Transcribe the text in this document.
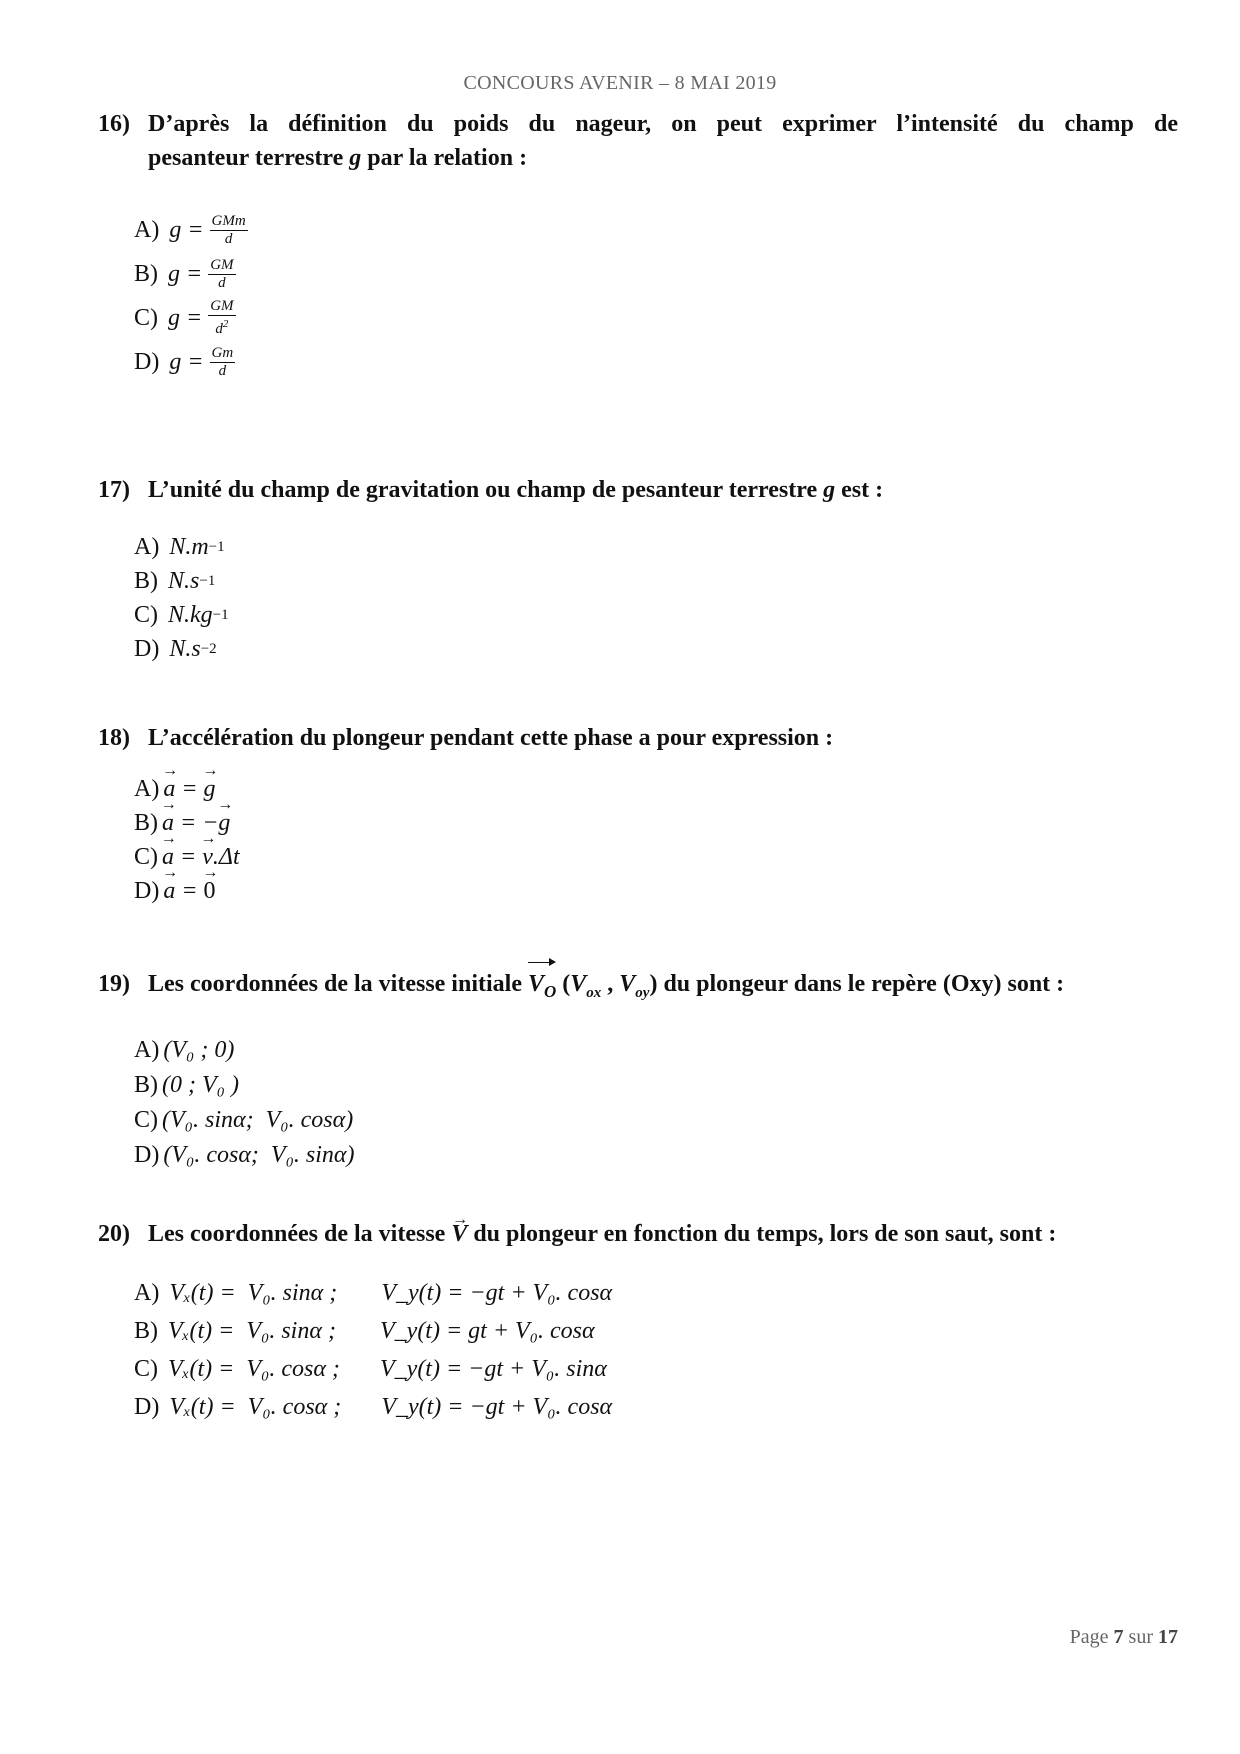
CONCOURS AVENIR – 8 MAI 2019
16) D’après la définition du poids du nageur, on peut exprimer l’intensité du champ de
pesanteur terrestre g par la relation :
A) $g = \frac{\text{GMm}}{d}$
B) $g = \frac{GM}{d}$
C) $g = \frac{GM}{d^2}$
D) $g = \frac{Gm}{d}$
17) L’unité du champ de gravitation ou champ de pesanteur terrestre g est :
A) N.m −1
B) N.s −1
C) N.kg −1
D) N.s −2
18) L’accélération du plongeur pendant cette phase a pour expression :
A) → a = → g
B) → a = − → g
C) → a = → v .Δt
D) → a = → 0
19) Les coordonnées de la vitesse initiale $V_O$ ($V_{ox}$ , $V_{oy}$) du plongeur dans le repère (Oxy) sont :
A) (V₀ ; 0)
B) (0 ; V₀ )
C) (V₀. sinα;  V₀. cosα)
D) (V₀. cosα;  V₀. sinα)
20) Les coordonnées de la vitesse → V du plongeur en fonction du temps, lors de son saut, sont :
A) Vₓ(t) =  V₀. sinα ;	V_y(t) = −gt + V₀. cosα
B) Vₓ(t) =  V₀. sinα ;	V_y(t) = gt + V₀. cosα
C) Vₓ(t) =  V₀. cosα ;	V_y(t) = −gt + V₀. sinα
D) Vₓ(t) =  V₀. cosα ;	V_y(t) = −gt + V₀. cosα
Page 7 sur 17
